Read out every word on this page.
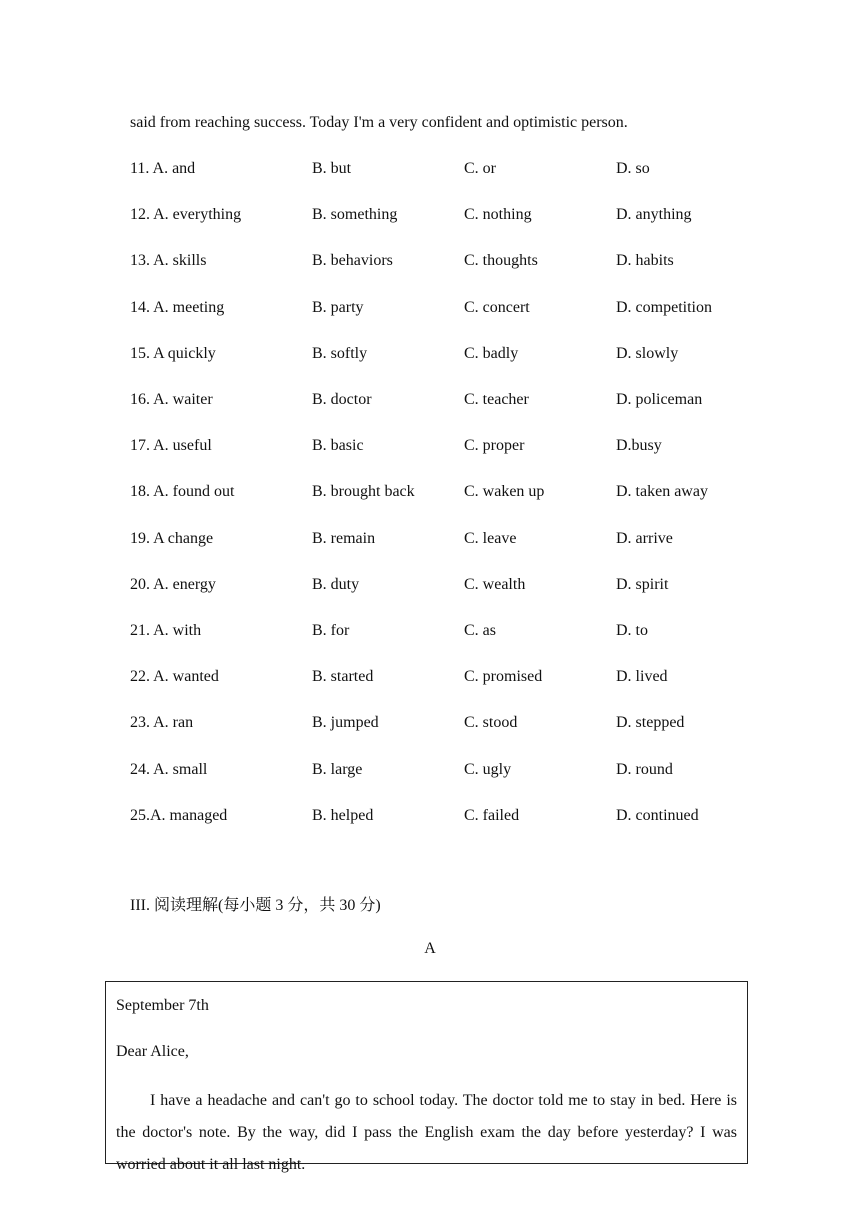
said from reaching success. Today I'm a very confident and optimistic person.
11. A. and	B. but	C. or	D. so
12. A. everything	B. something	C. nothing	D. anything
13. A. skills	B. behaviors	C. thoughts	D. habits
14. A. meeting	B. party	C. concert	D. competition
15. A quickly	B. softly	C. badly	D. slowly
16. A. waiter	B. doctor	C. teacher	D. policeman
17. A. useful	B. basic	C. proper	D.busy
18. A. found out	B. brought back	C. waken up	D. taken away
19. A change	B. remain	C. leave	D. arrive
20. A. energy	B. duty	C. wealth	D. spirit
21. A. with	B. for	C. as	D. to
22. A. wanted	B. started	C. promised	D. lived
23. A. ran	B. jumped	C. stood	D. stepped
24. A. small	B. large	C. ugly	D. round
25.A. managed	B. helped	C. failed	D. continued
III. 阅读理解(每小题 3 分，共 30 分)
A
September 7th
Dear Alice,
I have a headache and can't go to school today. The doctor told me to stay in bed. Here is the doctor's note. By the way, did I pass the English exam the day before yesterday? I was worried about it all last night.
